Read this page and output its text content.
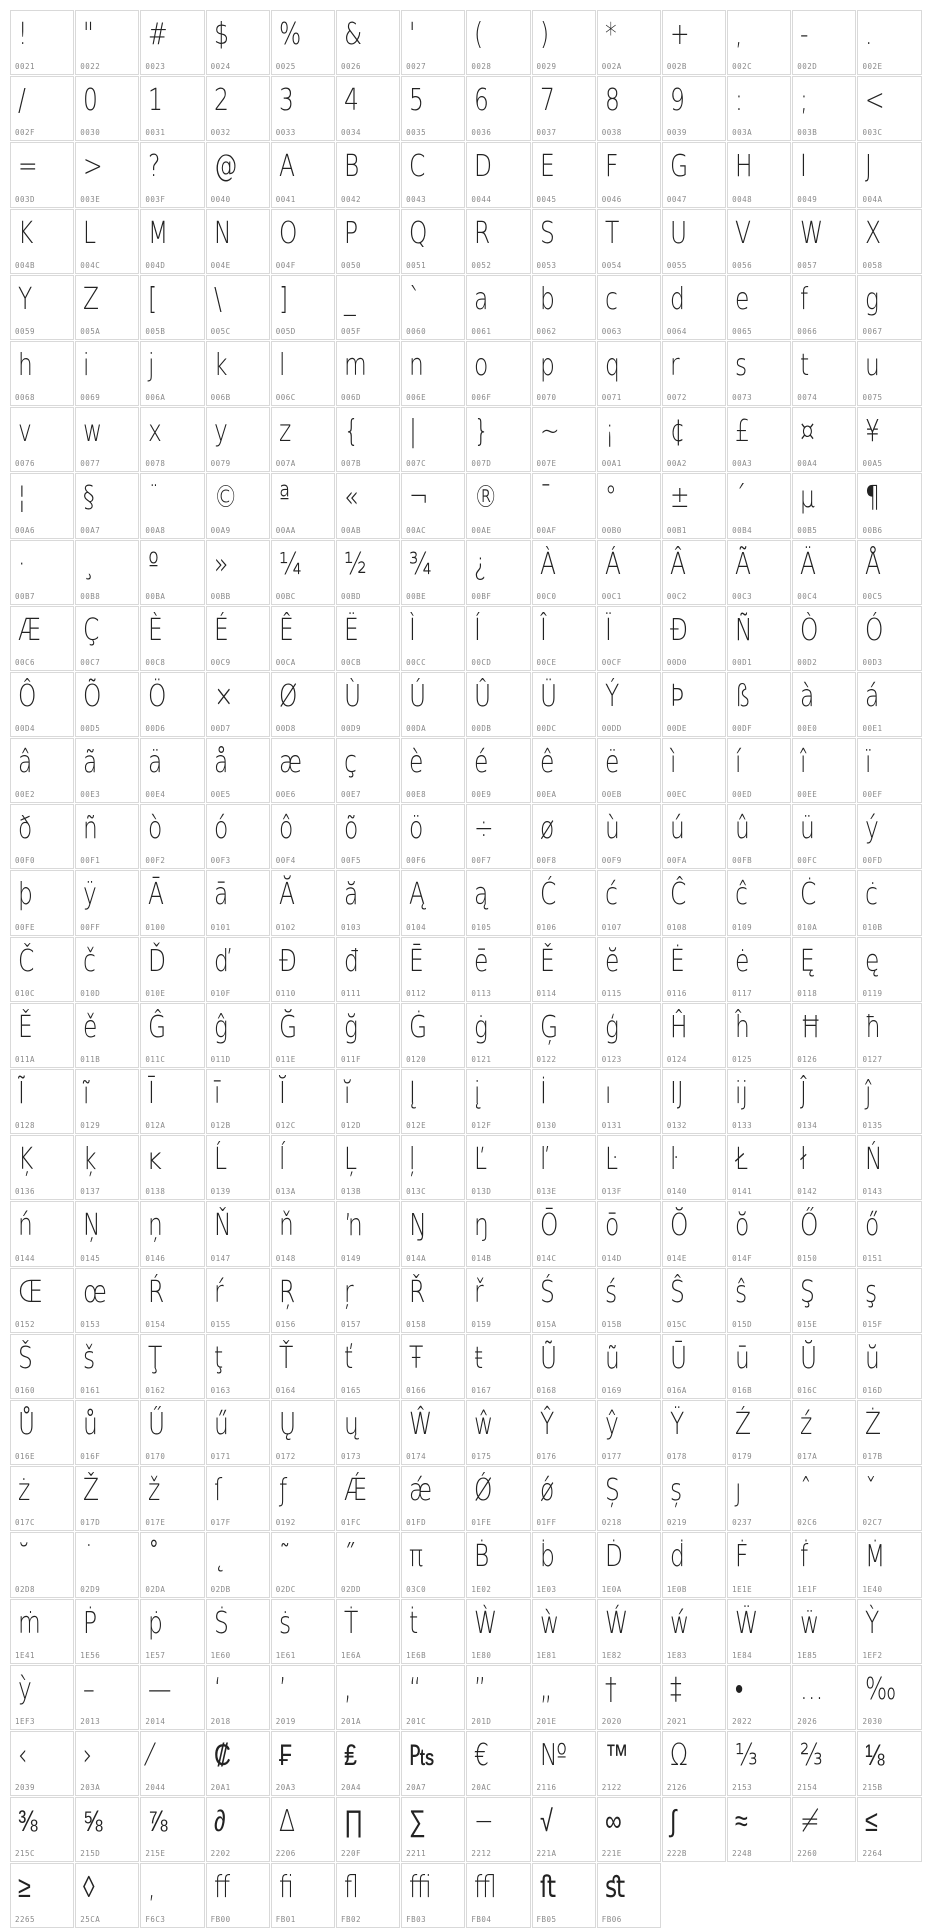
!
0021
"
0022
#
0023
$
0024
%
0025
&
0026
'
0027
(
0028
)
0029
*
002A
+
002B
,
002C
-
002D
.
002E
/
002F
0
0030
1
0031
2
0032
3
0033
4
0034
5
0035
6
0036
7
0037
8
0038
9
0039
:
003A
;
003B
<
003C
=
003D
>
003E
?
003F
@
0040
A
0041
B
0042
C
0043
D
0044
E
0045
F
0046
G
0047
H
0048
I
0049
J
004A
K
004B
L
004C
M
004D
N
004E
O
004F
P
0050
Q
0051
R
0052
S
0053
T
0054
U
0055
V
0056
W
0057
X
0058
Y
0059
Z
005A
[
005B
\
005C
]
005D
_
005F
`
0060
a
0061
b
0062
c
0063
d
0064
e
0065
f
0066
g
0067
h
0068
i
0069
j
006A
k
006B
l
006C
m
006D
n
006E
o
006F
p
0070
q
0071
r
0072
s
0073
t
0074
u
0075
v
0076
w
0077
x
0078
y
0079
z
007A
{
007B
|
007C
}
007D
~
007E
¡
00A1
¢
00A2
£
00A3
¤
00A4
¥
00A5
¦
00A6
§
00A7
¨
00A8
©
00A9
ª
00AA
«
00AB
¬
00AC
®
00AE
¯
00AF
°
00B0
±
00B1
´
00B4
µ
00B5
¶
00B6
·
00B7
¸
00B8
º
00BA
»
00BB
¼
00BC
½
00BD
¾
00BE
¿
00BF
À
00C0
Á
00C1
Â
00C2
Ã
00C3
Ä
00C4
Å
00C5
Æ
00C6
Ç
00C7
È
00C8
É
00C9
Ê
00CA
Ë
00CB
Ì
00CC
Í
00CD
Î
00CE
Ï
00CF
Ð
00D0
Ñ
00D1
Ò
00D2
Ó
00D3
Ô
00D4
Õ
00D5
Ö
00D6
×
00D7
Ø
00D8
Ù
00D9
Ú
00DA
Û
00DB
Ü
00DC
Ý
00DD
Þ
00DE
ß
00DF
à
00E0
á
00E1
â
00E2
ã
00E3
ä
00E4
å
00E5
æ
00E6
ç
00E7
è
00E8
é
00E9
ê
00EA
ë
00EB
ì
00EC
í
00ED
î
00EE
ï
00EF
ð
00F0
ñ
00F1
ò
00F2
ó
00F3
ô
00F4
õ
00F5
ö
00F6
÷
00F7
ø
00F8
ù
00F9
ú
00FA
û
00FB
ü
00FC
ý
00FD
þ
00FE
ÿ
00FF
Ā
0100
ā
0101
Ă
0102
ă
0103
Ą
0104
ą
0105
Ć
0106
ć
0107
Ĉ
0108
ĉ
0109
Ċ
010A
ċ
010B
Č
010C
č
010D
Ď
010E
ď
010F
Đ
0110
đ
0111
Ē
0112
ē
0113
Ě
0114
ĕ
0115
Ė
0116
ė
0117
Ę
0118
ę
0119
Ě
011A
ě
011B
Ĝ
011C
ĝ
011D
Ğ
011E
ğ
011F
Ġ
0120
ġ
0121
Ģ
0122
ģ
0123
Ĥ
0124
ĥ
0125
Ħ
0126
ħ
0127
Ĩ
0128
ĩ
0129
Ī
012A
ī
012B
Ĭ
012C
ĭ
012D
Į
012E
į
012F
İ
0130
ı
0131
Ĳ
0132
ĳ
0133
Ĵ
0134
ĵ
0135
Ķ
0136
ķ
0137
ĸ
0138
Ĺ
0139
ĺ
013A
Ļ
013B
ļ
013C
Ľ
013D
ľ
013E
Ŀ
013F
ŀ
0140
Ł
0141
ł
0142
Ń
0143
ń
0144
Ņ
0145
ņ
0146
Ň
0147
ň
0148
ŉ
0149
Ŋ
014A
ŋ
014B
Ō
014C
ō
014D
Ŏ
014E
ŏ
014F
Ő
0150
ő
0151
Œ
0152
œ
0153
Ŕ
0154
ŕ
0155
Ŗ
0156
ŗ
0157
Ř
0158
ř
0159
Ś
015A
ś
015B
Ŝ
015C
ŝ
015D
Ş
015E
ş
015F
Š
0160
š
0161
Ţ
0162
ţ
0163
Ť
0164
ť
0165
Ŧ
0166
ŧ
0167
Ũ
0168
ũ
0169
Ū
016A
ū
016B
Ŭ
016C
ŭ
016D
Ů
016E
ů
016F
Ű
0170
ű
0171
Ų
0172
ų
0173
Ŵ
0174
ŵ
0175
Ŷ
0176
ŷ
0177
Ÿ
0178
Ź
0179
ź
017A
Ż
017B
ż
017C
Ž
017D
ž
017E
ſ
017F
ƒ
0192
Ǽ
01FC
ǽ
01FD
Ǿ
01FE
ǿ
01FF
Ș
0218
ș
0219
ȷ
0237
ˆ
02C6
ˇ
02C7
˘
02D8
˙
02D9
˚
02DA
˛
02DB
˜
02DC
˝
02DD
π
03C0
Ḃ
1E02
ḃ
1E03
Ḋ
1E0A
ḋ
1E0B
Ḟ
1E1E
ḟ
1E1F
Ṁ
1E40
ṁ
1E41
Ṗ
1E56
ṗ
1E57
Ṡ
1E60
ṡ
1E61
Ṫ
1E6A
ṫ
1E6B
Ẁ
1E80
ẁ
1E81
Ẃ
1E82
ẃ
1E83
Ẅ
1E84
ẅ
1E85
Ỳ
1EF2
ỳ
1EF3
–
2013
—
2014
‘
2018
’
2019
‚
201A
“
201C
”
201D
„
201E
†
2020
‡
2021
•
2022
…
2026
‰
2030
‹
2039
›
203A
⁄
2044
₡
20A1
₣
20A3
₤
20A4
₧
20A7
€
20AC
№
2116
™
2122
Ω
2126
⅓
2153
⅔
2154
⅛
215B
⅜
215C
⅝
215D
⅞
215E
∂
2202
∆
2206
∏
220F
∑
2211
−
2212
√
221A
∞
221E
∫
222B
≈
2248
≠
2260
≤
2264
≥
2265
◊
25CA
,
F6C3
ﬀ
FB00
ﬁ
FB01
ﬂ
FB02
ﬃ
FB03
ﬄ
FB04
ﬅ
FB05
ﬆ
FB06
